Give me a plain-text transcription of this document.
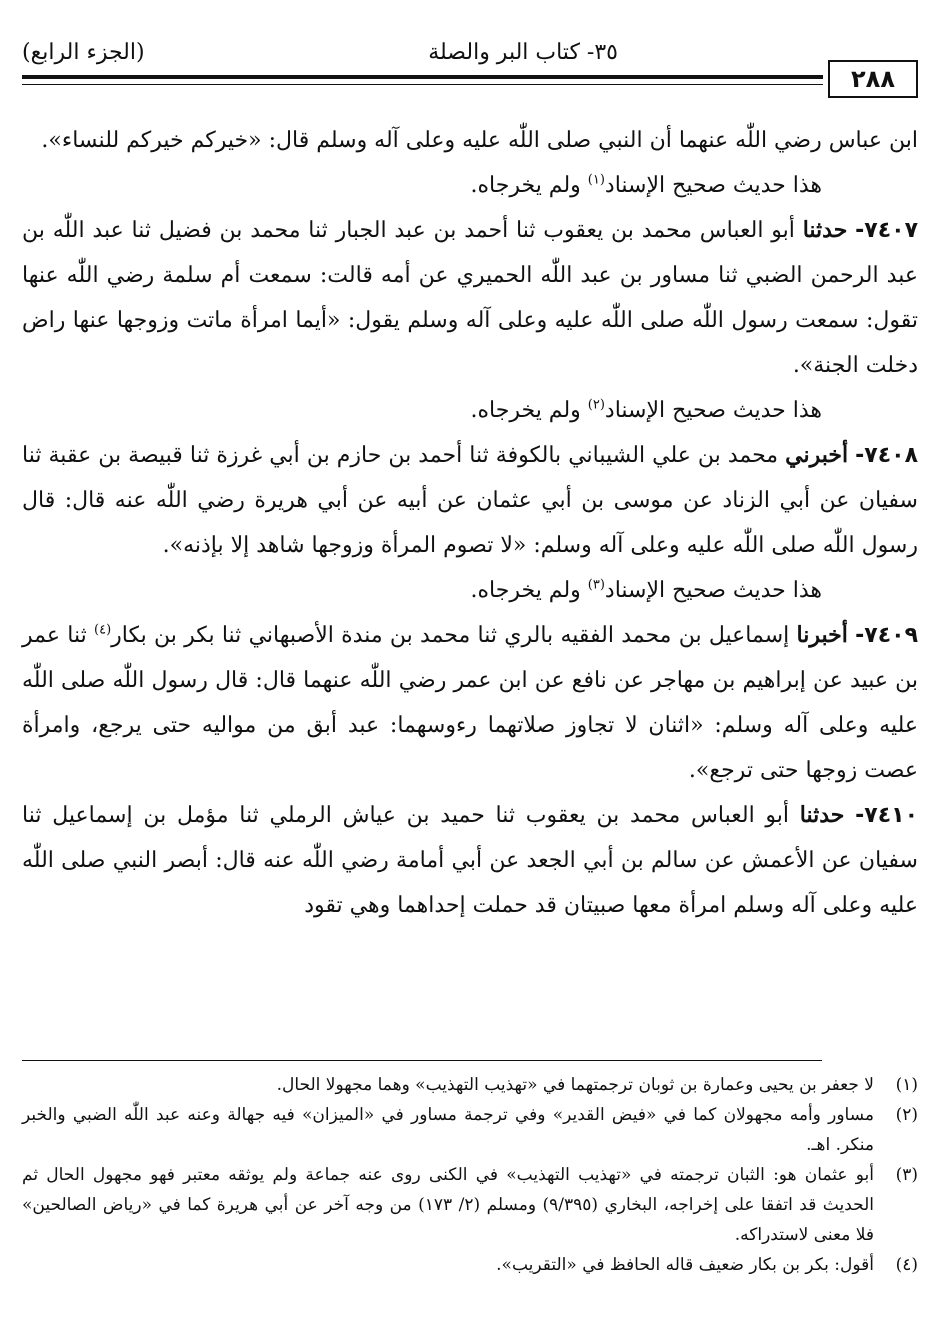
٣٥- كتاب البر والصلة
(الجزء الرابع)
٢٨٨

ابن عباس رضي اللّٰه عنهما أن النبي صلى اللّٰه عليه وعلى آله وسلم قال: «خيركم خيركم للنساء».

هذا حديث صحيح الإسناد$^{(١)}$ ولم يخرجاه.

٧٤٠٧- حدثنا أبو العباس محمد بن يعقوب ثنا أحمد بن عبد الجبار ثنا محمد بن فضيل ثنا عبد اللّٰه بن عبد الرحمن الضبي ثنا مساور بن عبد اللّٰه الحميري عن أمه قالت: سمعت أم سلمة رضي اللّٰه عنها تقول: سمعت رسول اللّٰه صلى اللّٰه عليه وعلى آله وسلم يقول: «أيما امرأة ماتت وزوجها عنها راض دخلت الجنة».

هذا حديث صحيح الإسناد$^{(٢)}$ ولم يخرجاه.

٧٤٠٨- أخبرني محمد بن علي الشيباني بالكوفة ثنا أحمد بن حازم بن أبي غرزة ثنا قبيصة بن عقبة ثنا سفيان عن أبي الزناد عن موسى بن أبي عثمان عن أبيه عن أبي هريرة رضي اللّٰه عنه قال: قال رسول اللّٰه صلى اللّٰه عليه وعلى آله وسلم: «لا تصوم المرأة وزوجها شاهد إلا بإذنه».

هذا حديث صحيح الإسناد$^{(٣)}$ ولم يخرجاه.

٧٤٠٩- أخبرنا إسماعيل بن محمد الفقيه بالري ثنا محمد بن مندة الأصبهاني ثنا بكر بن بكار$^{(٤)}$ ثنا عمر بن عبيد عن إبراهيم بن مهاجر عن نافع عن ابن عمر رضي اللّٰه عنهما قال: قال رسول اللّٰه صلى اللّٰه عليه وعلى آله وسلم: «اثنان لا تجاوز صلاتهما رءوسهما: عبد أبق من مواليه حتى يرجع، وامرأة عصت زوجها حتى ترجع».

٧٤١٠- حدثنا أبو العباس محمد بن يعقوب ثنا حميد بن عياش الرملي ثنا مؤمل بن إسماعيل ثنا سفيان عن الأعمش عن سالم بن أبي الجعد عن أبي أمامة رضي اللّٰه عنه قال: أبصر النبي صلى اللّٰه عليه وعلى آله وسلم امرأة معها صبيتان قد حملت إحداهما وهي تقود

(١)
لا جعفر بن يحيى وعمارة بن ثوبان ترجمتهما في «تهذيب التهذيب» وهما مجهولا الحال.
(٢)
مساور وأمه مجهولان كما في «فيض القدير» وفي ترجمة مساور في «الميزان» فيه جهالة وعنه عبد اللّٰه الضبي والخبر منكر. اهـ.
(٣)
أبو عثمان هو: الثبان ترجمته في «تهذيب التهذيب» في الكنى روى عنه جماعة ولم يوثقه معتبر فهو مجهول الحال ثم الحديث قد اتفقا على إخراجه، البخاري (٩/٣٩٥) ومسلم (٢/ ١٧٣) من وجه آخر عن أبي هريرة كما في «رياض الصالحين» فلا معنى لاستدراكه.
(٤)
أقول: بكر بن بكار ضعيف قاله الحافظ في «التقريب».
